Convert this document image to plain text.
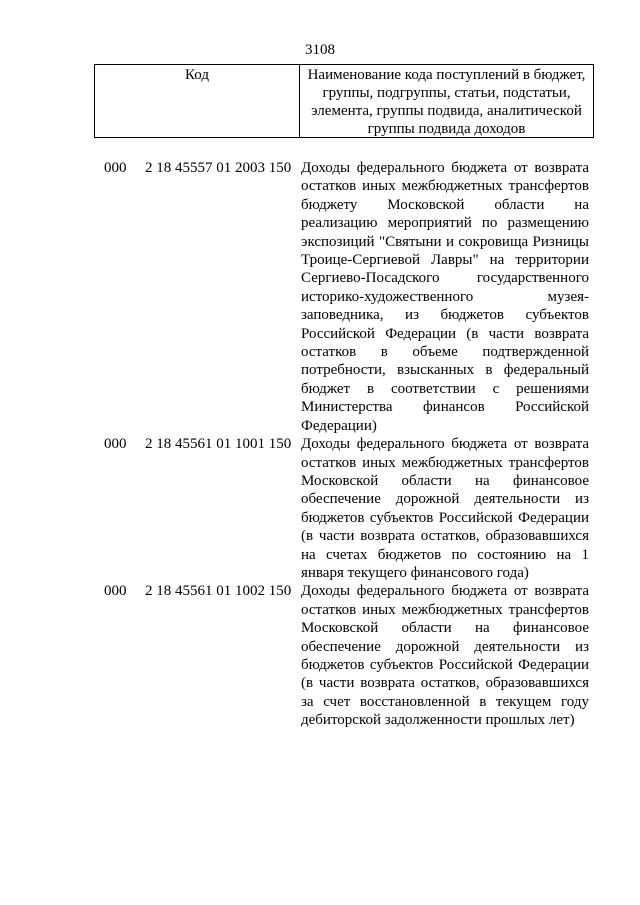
3108
Код	Наименование кода поступлений в бюджет, группы, подгруппы, статьи, подстатьи, элемента, группы подвида, аналитической группы подвида доходов
000 2 18 45557 01 2003 150 Доходы федерального бюджета от возврата остатков иных межбюджетных трансфертов бюджету Московской области на реализацию мероприятий по размещению экспозиций "Святыни и сокровища Ризницы Троице-Сергиевой Лавры" на территории Сергиево-Посадского государственного историко-художественного музея-заповедника, из бюджетов субъектов Российской Федерации (в части возврата остатков в объеме подтвержденной потребности, взысканных в федеральный бюджет в соответствии с решениями Министерства финансов Российской Федерации)
000 2 18 45561 01 1001 150 Доходы федерального бюджета от возврата остатков иных межбюджетных трансфертов Московской области на финансовое обеспечение дорожной деятельности из бюджетов субъектов Российской Федерации (в части возврата остатков, образовавшихся на счетах бюджетов по состоянию на 1 января текущего финансового года)
000 2 18 45561 01 1002 150 Доходы федерального бюджета от возврата остатков иных межбюджетных трансфертов Московской области на финансовое обеспечение дорожной деятельности из бюджетов субъектов Российской Федерации (в части возврата остатков, образовавшихся за счет восстановленной в текущем году дебиторской задолженности прошлых лет)
